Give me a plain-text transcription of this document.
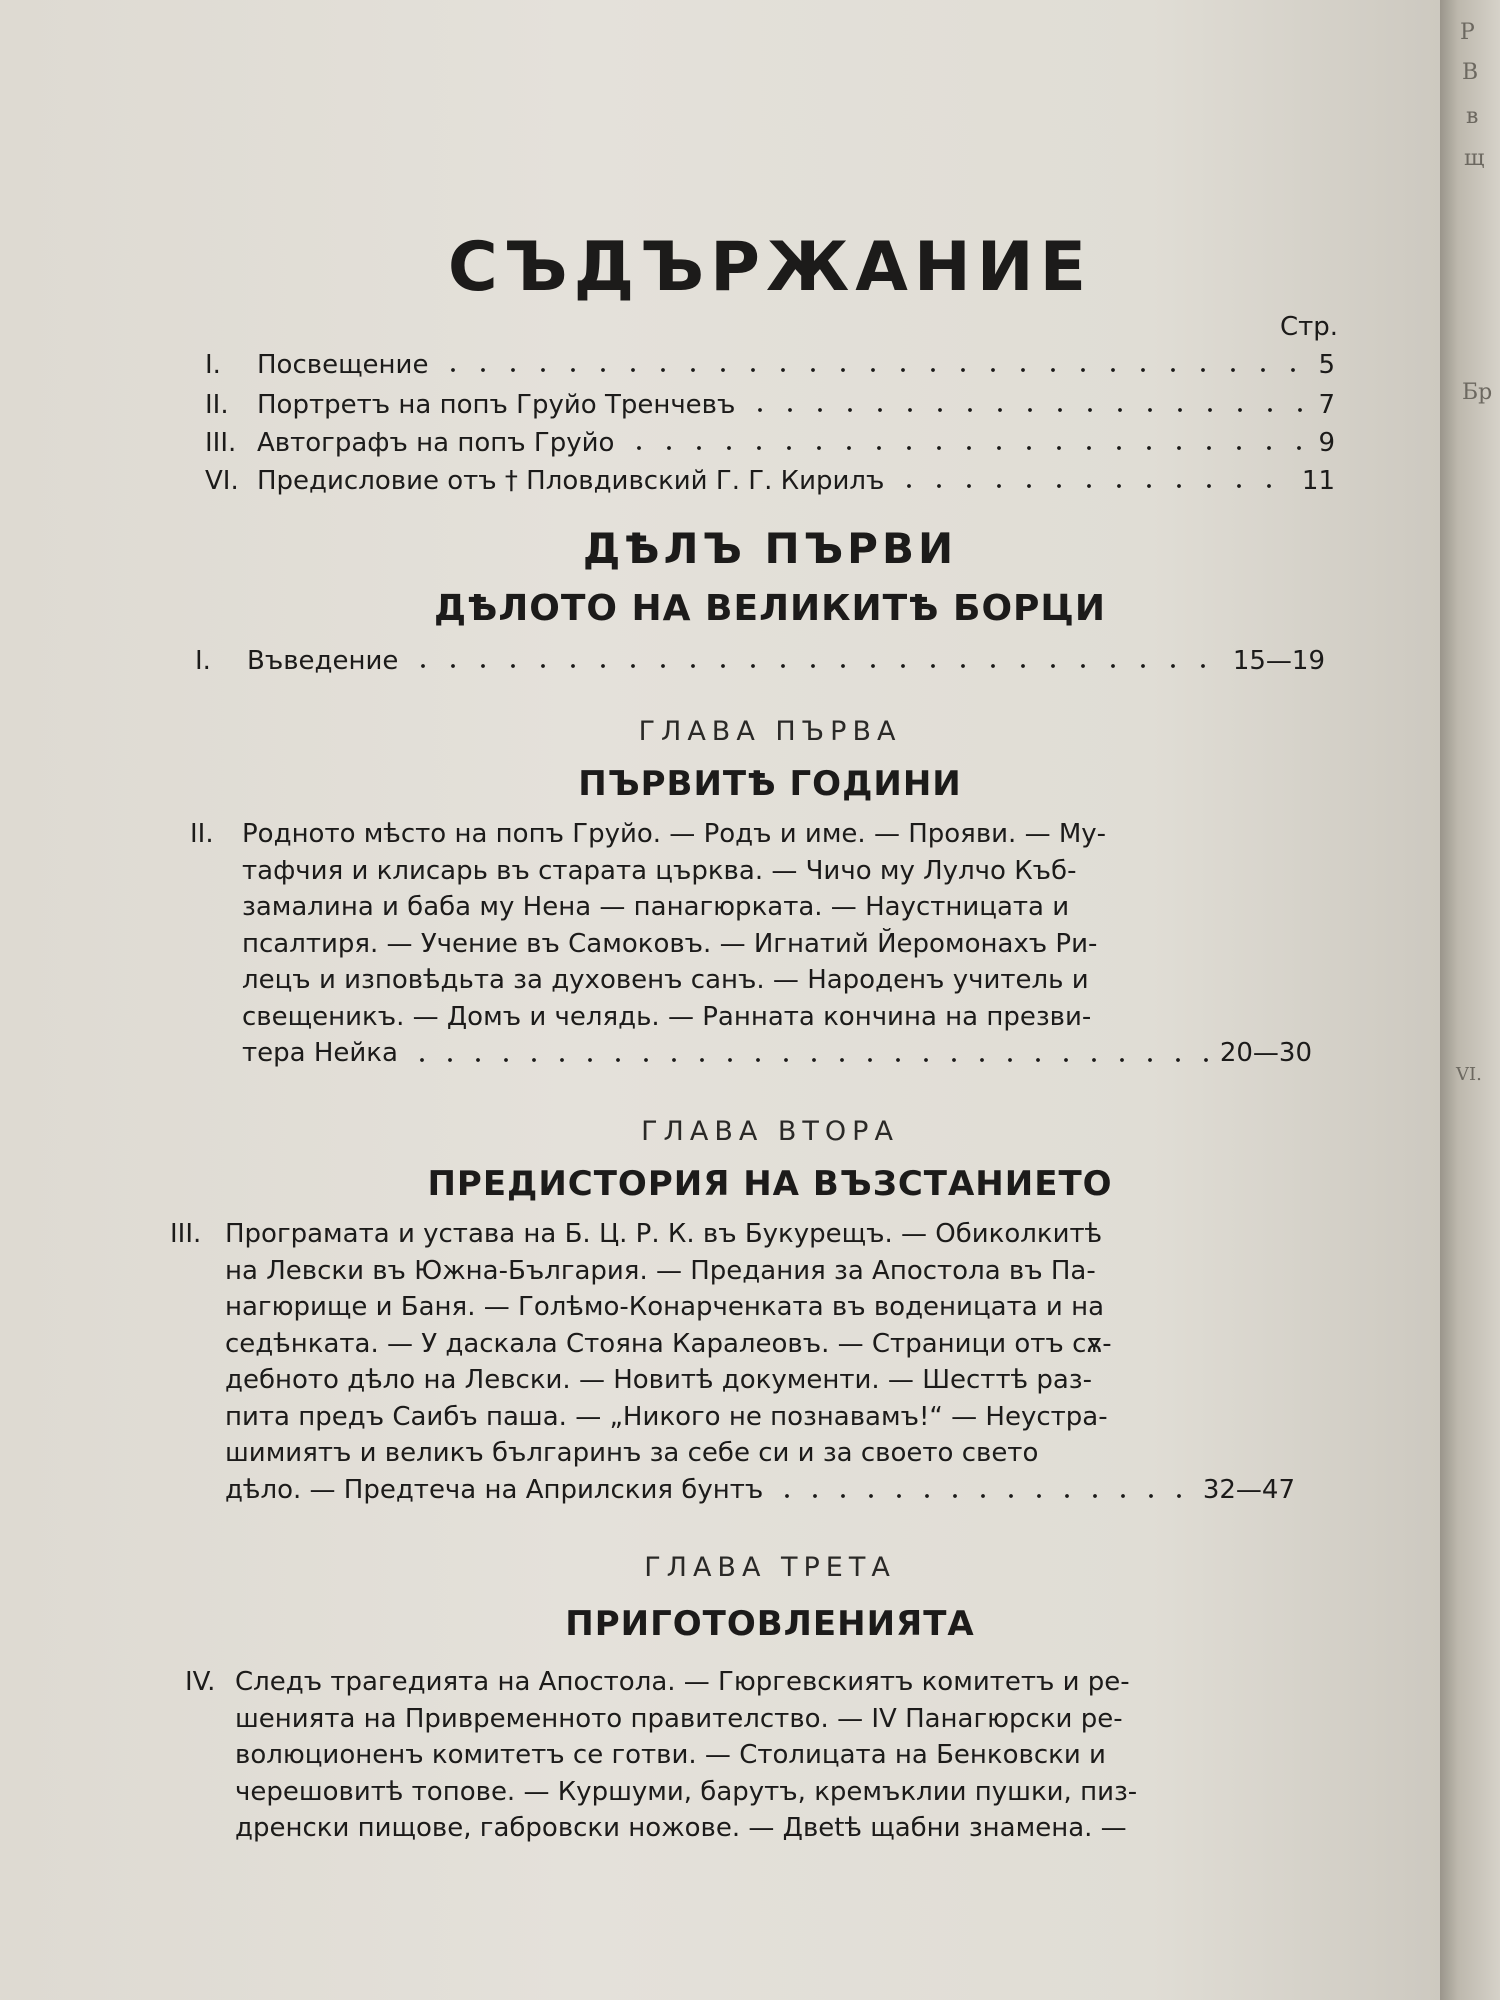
Р
В
в
щ
Бр
VI.
СЪДЪРЖАНИЕ
Стр.
I.	Посвещение	5
II.	Портретъ на попъ Груйо Тренчевъ	7
III. Автографъ на попъ Груйо	9
VI. Предисловие отъ † Пловдивский Г. Г. Кирилъ	11
ДѢЛЪ ПЪРВИ
ДѢЛОТО НА ВЕЛИКИТѢ БОРЦИ
I.	Въведение	15—19
ГЛАВА ПЪРВА
ПЪРВИТѢ ГОДИНИ
II. Родното мѣсто на попъ Груйо. — Родъ и име. — Прояви. — Му-
тафчия и клисарь въ старата църква. — Чичо му Лулчо Къб-
замалина и баба му Нена — панагюрката. — Наустницата и
псалтиря. — Учение въ Самоковъ. — Игнатий Йеромонахъ Ри-
лецъ и изповѣдьта за духовенъ санъ. — Народенъ учитель и
свещеникъ. — Домъ и челядь. — Ранната кончина на презви-
тера Нейка	20—30
ГЛАВА ВТОРА
ПРЕДИСТОРИЯ НА ВЪЗСТАНИЕТО
III. Програмата и устава на Б. Ц. Р. К. въ Букурещъ. — Обиколкитѣ
на Левски въ Южна-България. — Предания за Апостола въ Па-
нагюрище и Баня. — Голѣмо-Конарченката въ воденицата и на
седѣнката. — У даскала Стояна Каралеовъ. — Страници отъ сѫ-
дебното дѣло на Левски. — Новитѣ документи. — Шесттѣ раз-
пита предъ Саибъ паша. — „Никого не познавамъ!“ — Неустра-
шимиятъ и великъ българинъ за себе си и за своето свето
дѣло. — Предтеча на Априлския бунтъ	32—47
ГЛАВА ТРЕТА
ПРИГОТОВЛЕНИЯТА
IV. Следъ трагедията на Апостола. — Гюргевскиятъ комитетъ и ре-
шенията на Привременното правителство. — IV Панагюрски ре-
волюционенъ комитетъ се готви. — Столицата на Бенковски и
черешовитѣ топове. — Куршуми, барутъ, кремъклии пушки, пиз-
дренски пищове, габровски ножове. — Двetѣ щабни знамена. —
